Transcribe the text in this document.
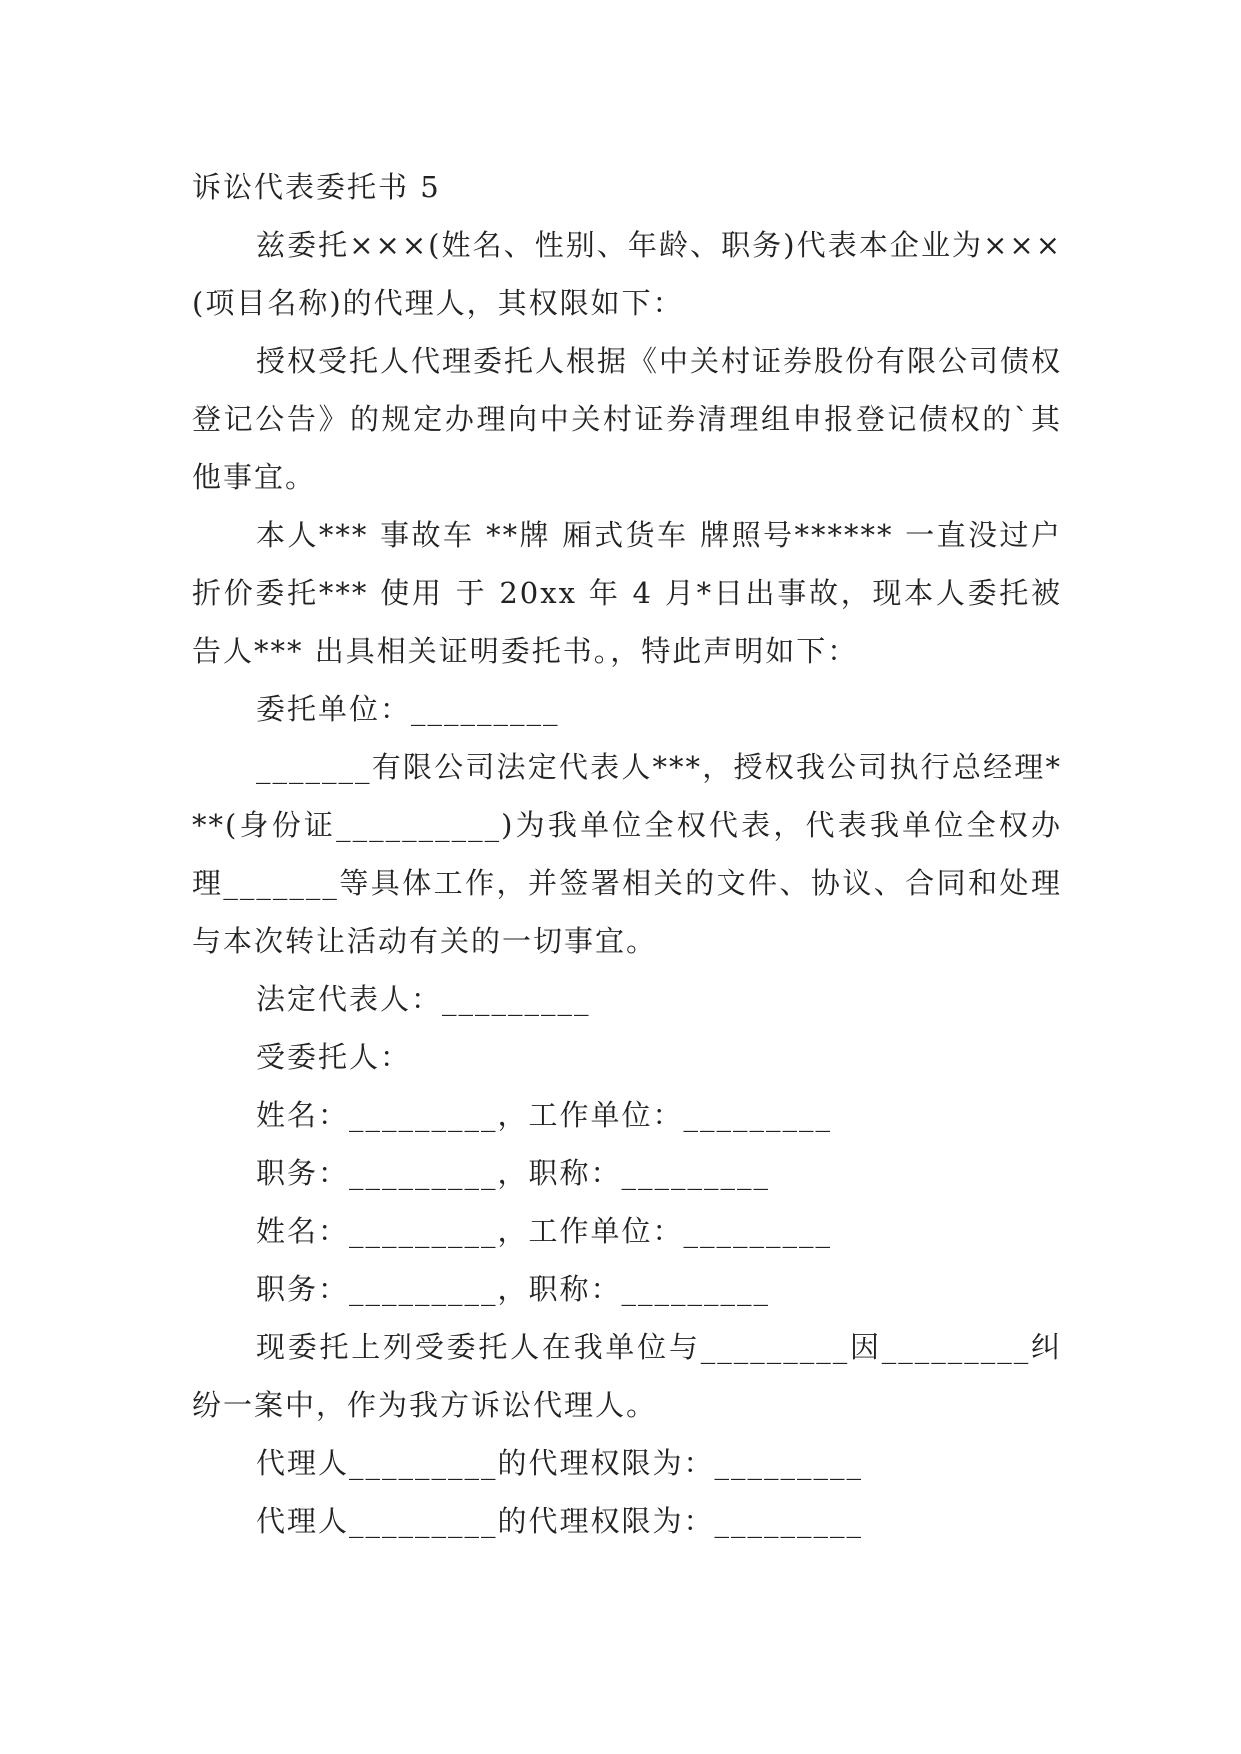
诉讼代表委托书 5

兹委托×××(姓名、性别、年龄、职务)代表本企业为×××(项目名称)的代理人，其权限如下：

授权受托人代理委托人根据《中关村证券股份有限公司债权登记公告》的规定办理向中关村证券清理组申报登记债权的`其他事宜。

本人*** 事故车 **牌 厢式货车 牌照号****** 一直没过户 折价委托*** 使用 于 20xx 年 4 月*日出事故，现本人委托被告人*** 出具相关证明委托书。，特此声明如下：

委托单位：_________

_______有限公司法定代表人***，授权我公司执行总经理***(身份证__________)为我单位全权代表，代表我单位全权办理_______等具体工作，并签署相关的文件、协议、合同和处理与本次转让活动有关的一切事宜。

法定代表人：_________

受委托人：

姓名：_________，工作单位：_________

职务：_________，职称：_________

姓名：_________，工作单位：_________

职务：_________，职称：_________

现委托上列受委托人在我单位与_________因_________纠纷一案中，作为我方诉讼代理人。

代理人_________的代理权限为：_________

代理人_________的代理权限为：_________
